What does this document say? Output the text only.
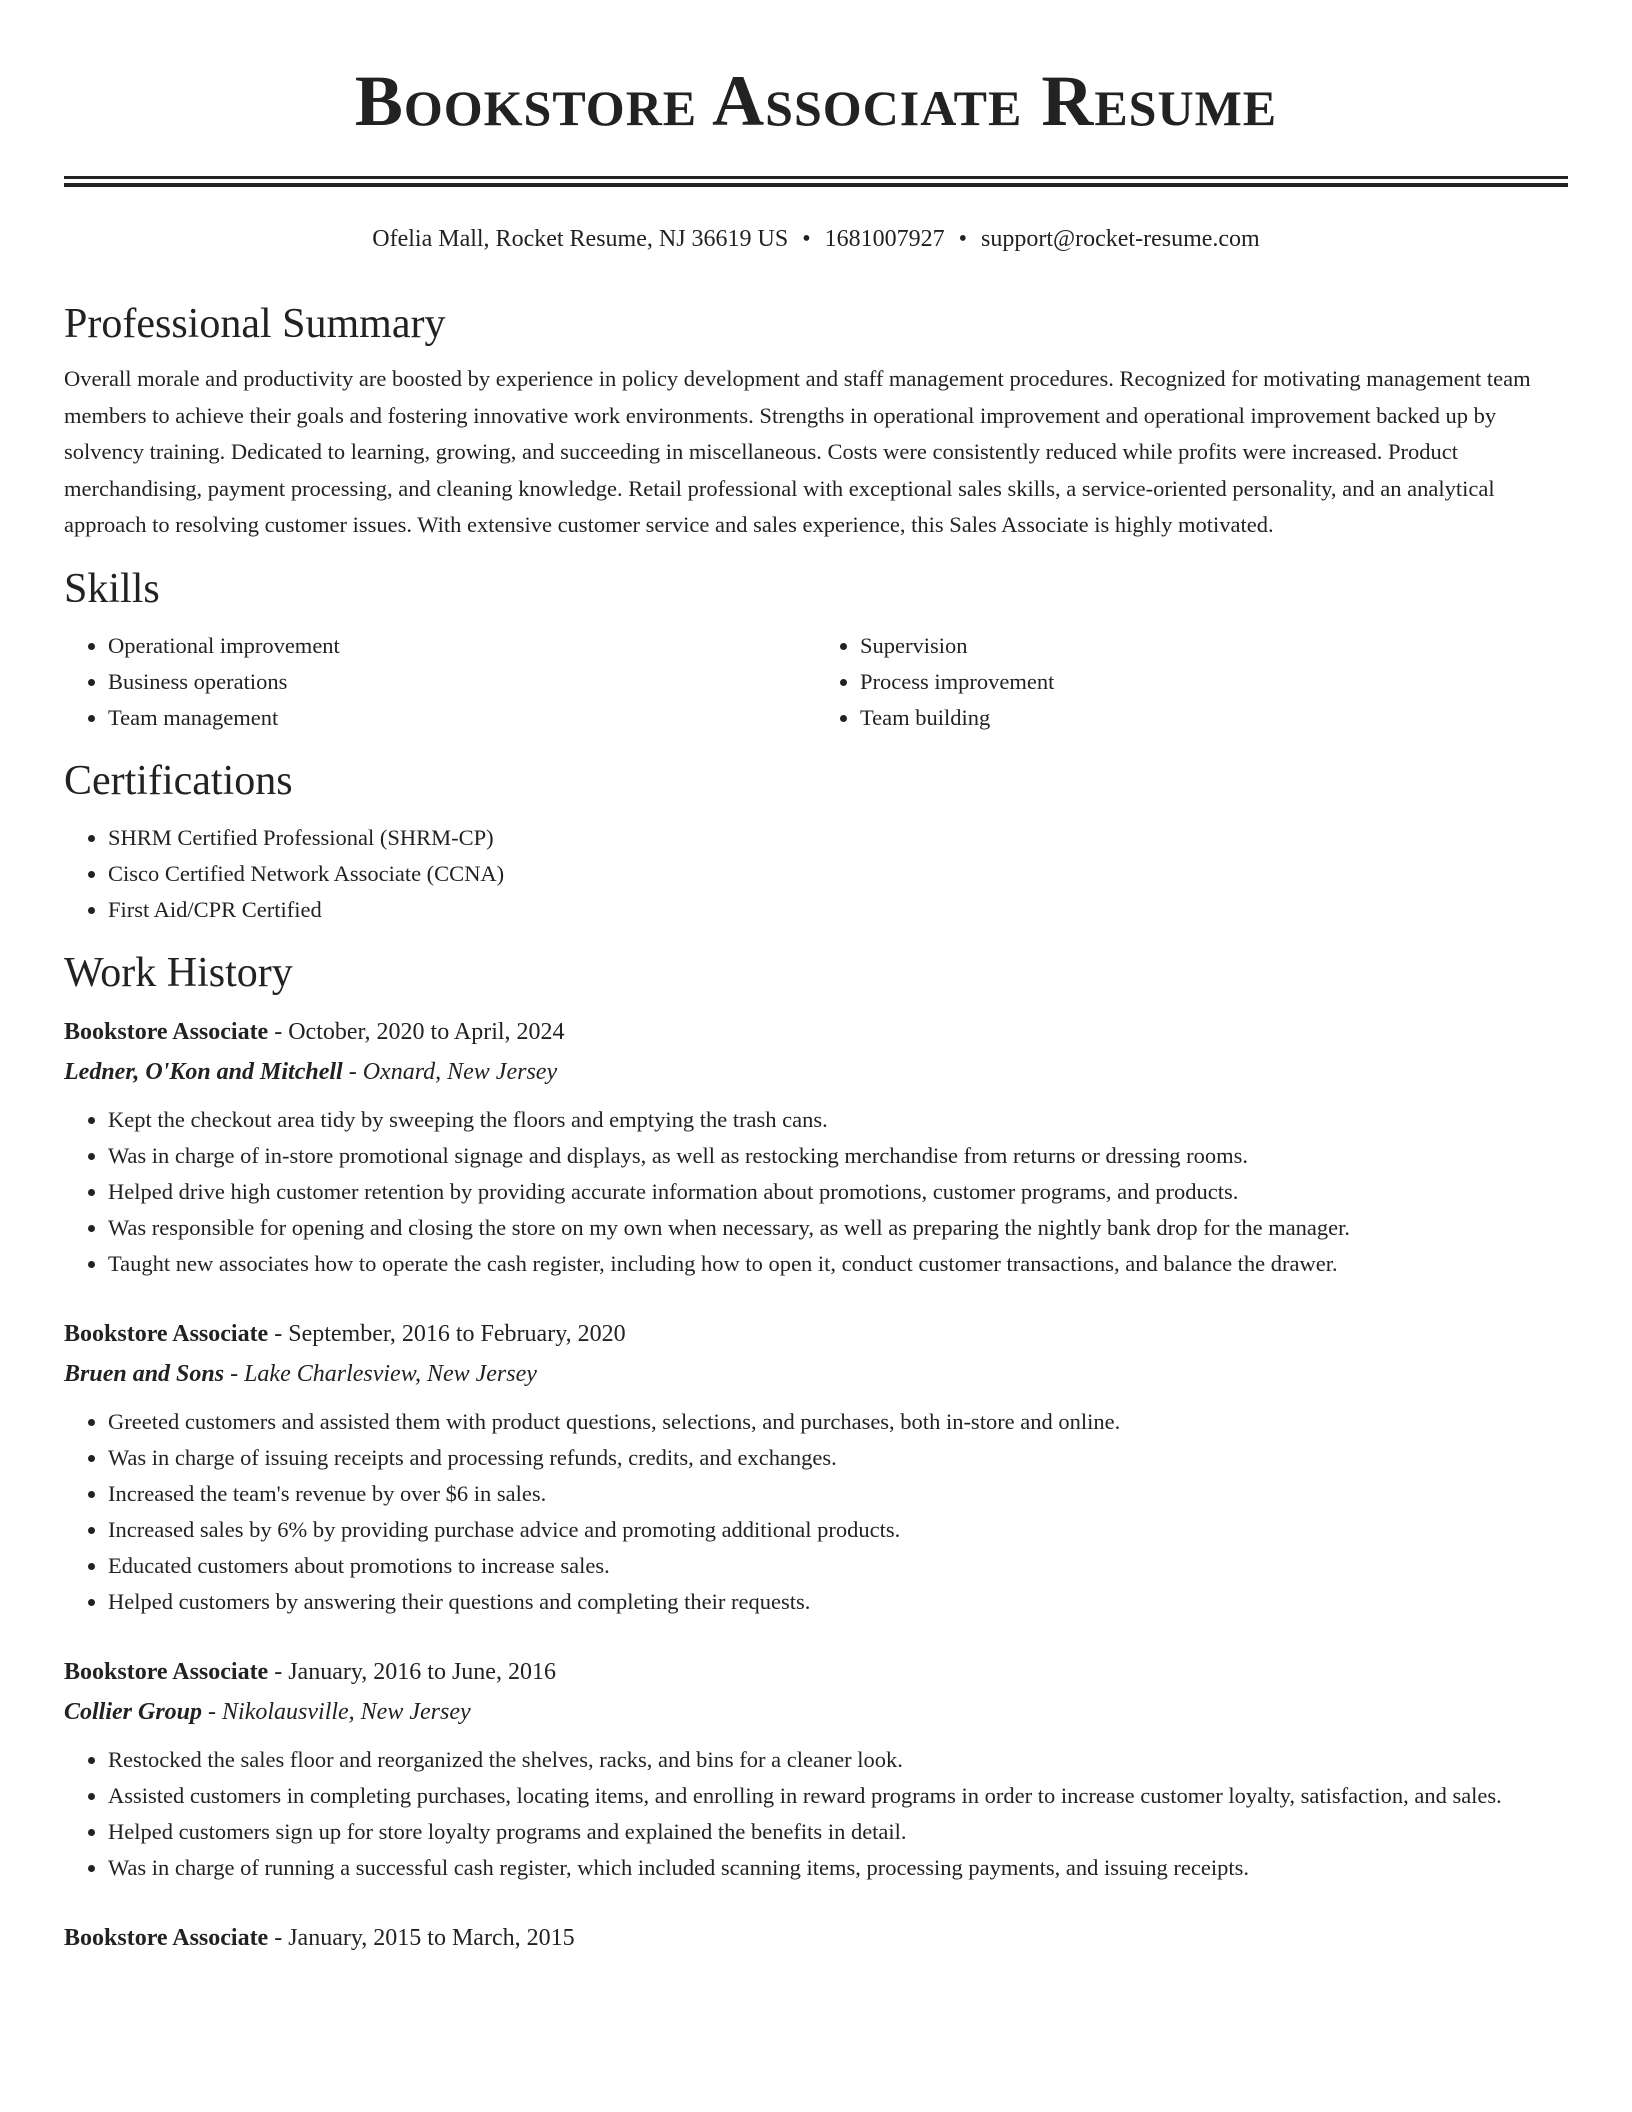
Bookstore Associate Resume
Ofelia Mall, Rocket Resume, NJ 36619 US • 1681007927 • support@rocket-resume.com
Professional Summary

Overall morale and productivity are boosted by experience in policy development and staff management procedures. Recognized for motivating management team members to achieve their goals and fostering innovative work environments. Strengths in operational improvement and operational improvement backed up by solvency training. Dedicated to learning, growing, and succeeding in miscellaneous. Costs were consistently reduced while profits were increased. Product merchandising, payment processing, and cleaning knowledge. Retail professional with exceptional sales skills, a service-oriented personality, and an analytical approach to resolving customer issues. With extensive customer service and sales experience, this Sales Associate is highly motivated.

Skills
• Operational improvement
• Business operations
• Team management
• Supervision
• Process improvement
• Team building
Certifications
• SHRM Certified Professional (SHRM-CP)
• Cisco Certified Network Associate (CCNA)
• First Aid/CPR Certified
Work History
Bookstore Associate - October, 2020 to April, 2024
Ledner, O'Kon and Mitchell - Oxnard, New Jersey
• Kept the checkout area tidy by sweeping the floors and emptying the trash cans.
• Was in charge of in-store promotional signage and displays, as well as restocking merchandise from returns or dressing rooms.
• Helped drive high customer retention by providing accurate information about promotions, customer programs, and products.
• Was responsible for opening and closing the store on my own when necessary, as well as preparing the nightly bank drop for the manager.
• Taught new associates how to operate the cash register, including how to open it, conduct customer transactions, and balance the drawer.
Bookstore Associate - September, 2016 to February, 2020
Bruen and Sons - Lake Charlesview, New Jersey
• Greeted customers and assisted them with product questions, selections, and purchases, both in-store and online.
• Was in charge of issuing receipts and processing refunds, credits, and exchanges.
• Increased the team's revenue by over $6 in sales.
• Increased sales by 6% by providing purchase advice and promoting additional products.
• Educated customers about promotions to increase sales.
• Helped customers by answering their questions and completing their requests.
Bookstore Associate - January, 2016 to June, 2016
Collier Group - Nikolausville, New Jersey
• Restocked the sales floor and reorganized the shelves, racks, and bins for a cleaner look.
• Assisted customers in completing purchases, locating items, and enrolling in reward programs in order to increase customer loyalty, satisfaction, and sales.
• Helped customers sign up for store loyalty programs and explained the benefits in detail.
• Was in charge of running a successful cash register, which included scanning items, processing payments, and issuing receipts.
Bookstore Associate - January, 2015 to March, 2015
